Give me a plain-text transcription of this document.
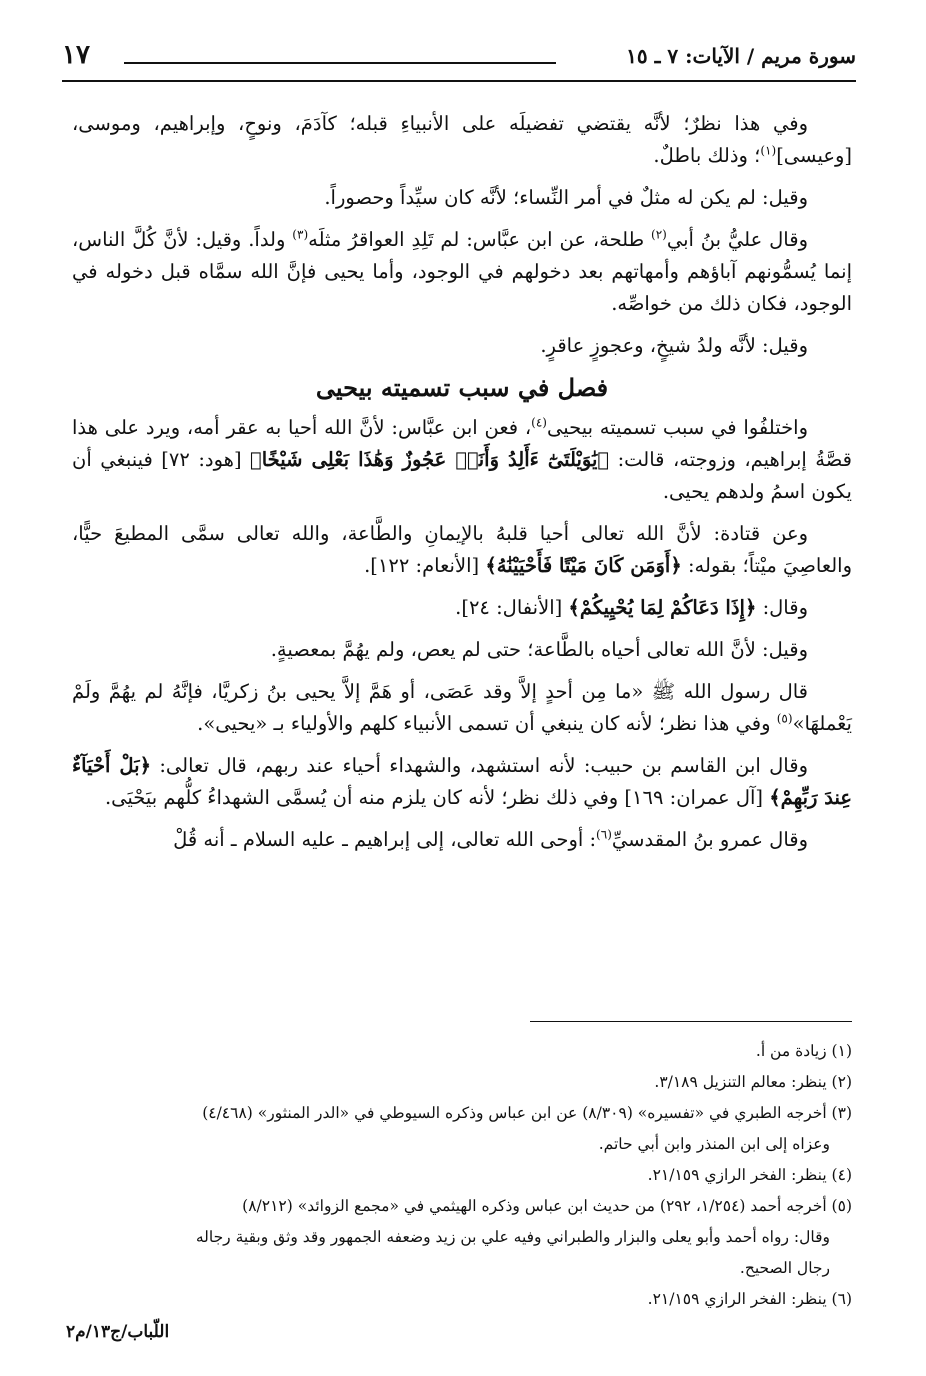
١٧	سورة مريم / الآيات: ٧ ـ ١٥

وفي هذا نظرٌ؛ لأنَّه يقتضي تفضيلَه على الأنبياءِ قبله؛ كآدَمَ، ونوحٍ، وإبراهيم، وموسى، [وعيسى]$^{(١)}$؛ وذلك باطلٌ.

وقيل: لم يكن له مثلٌ في أمر النِّساء؛ لأنَّه كان سيِّداً وحصوراً.

وقال عليُّ بنُ أبي$^{(٢)}$ طلحة، عن ابن عبَّاس: لم تَلِدِ العواقرُ مثلَه$^{(٣)}$ ولداً. وقيل: لأنَّ كُلَّ الناس، إنما يُسمُّونهم آباؤهم وأمهاتهم بعد دخولهم في الوجود، وأما يحيى فإنَّ الله سمَّاه قبل دخوله في الوجود، فكان ذلك من خواصِّه.

وقيل: لأنَّه ولدُ شيخٍ، وعجوزٍ عاقرٍ.

فصل في سبب تسميته بيحيى

واختلفُوا في سبب تسميته بيحيى$^{(٤)}$، فعن ابن عبَّاس: لأنَّ الله أحيا به عقر أمه، ويرد على هذا قصَّةُ إبراهيم، وزوجته، قالت: ﴿يَٰوَيْلَتَىٰٓ ءَأَلِدُ وَأَنَا۠ عَجُوزٌ وَهَٰذَا بَعْلِى شَيْخًا﴾ [هود: ٧٢] فينبغي أن يكون اسمُ ولدهم يحيى.

وعن قتادة: لأنَّ الله تعالى أحيا قلبهُ بالإيمانِ والطَّاعة، والله تعالى سمَّى المطيعَ حيًّا، والعاصِيَ ميْتاً؛ بقوله: ﴿أَوَمَن كَانَ مَيْتًا فَأَحْيَيْنَٰهُ﴾ [الأنعام: ١٢٢].

وقال: ﴿إِذَا دَعَاكُمْ لِمَا يُحْيِيكُمْ﴾ [الأنفال: ٢٤].

وقيل: لأنَّ الله تعالى أحياه بالطَّاعة؛ حتى لم يعص، ولم يهُمَّ بمعصيةٍ.

قال رسول الله ﷺ «ما مِن أحدٍ إلاَّ وقد عَصَى، أو هَمَّ إلاَّ يحيى بنُ زكريَّا، فإنَّهُ لم يهُمَّ ولَمْ يَعْملهَا»$^{(٥)}$ وفي هذا نظر؛ لأنه كان ينبغي أن تسمى الأنبياء كلهم والأولياء بـ «يحيى».

وقال ابن القاسم بن حبيب: لأنه استشهد، والشهداء أحياء عند ربهم، قال تعالى: ﴿بَلْ أَحْيَآءٌ عِندَ رَبِّهِمْ﴾ [آل عمران: ١٦٩] وفي ذلك نظر؛ لأنه كان يلزم منه أن يُسمَّى الشهداءُ كلُّهم بيَحْيَى.

وقال عمرو بنُ المقدسيِّ$^{(٦)}$: أوحى الله تعالى، إلى إبراهيم ـ عليه السلام ـ أنه قُلْ

(١) زيادة من أ.

(٢) ينظر: معالم التنزيل ٣/١٨٩.

(٣) أخرجه الطبري في «تفسيره» (٨/٣٠٩) عن ابن عباس وذكره السيوطي في «الدر المنثور» (٤/٤٦٨)

وعزاه إلى ابن المنذر وابن أبي حاتم.

(٤) ينظر: الفخر الرازي ٢١/١٥٩.

(٥) أخرجه أحمد (١/٢٥٤، ٢٩٢) من حديث ابن عباس وذكره الهيثمي في «مجمع الزوائد» (٨/٢١٢)

وقال: رواه أحمد وأبو يعلى والبزار والطبراني وفيه علي بن زيد وضعفه الجمهور وقد وثق وبقية رجاله

رجال الصحيح.

(٦) ينظر: الفخر الرازي ٢١/١٥٩.

اللّباب/ج١٣/م٢
